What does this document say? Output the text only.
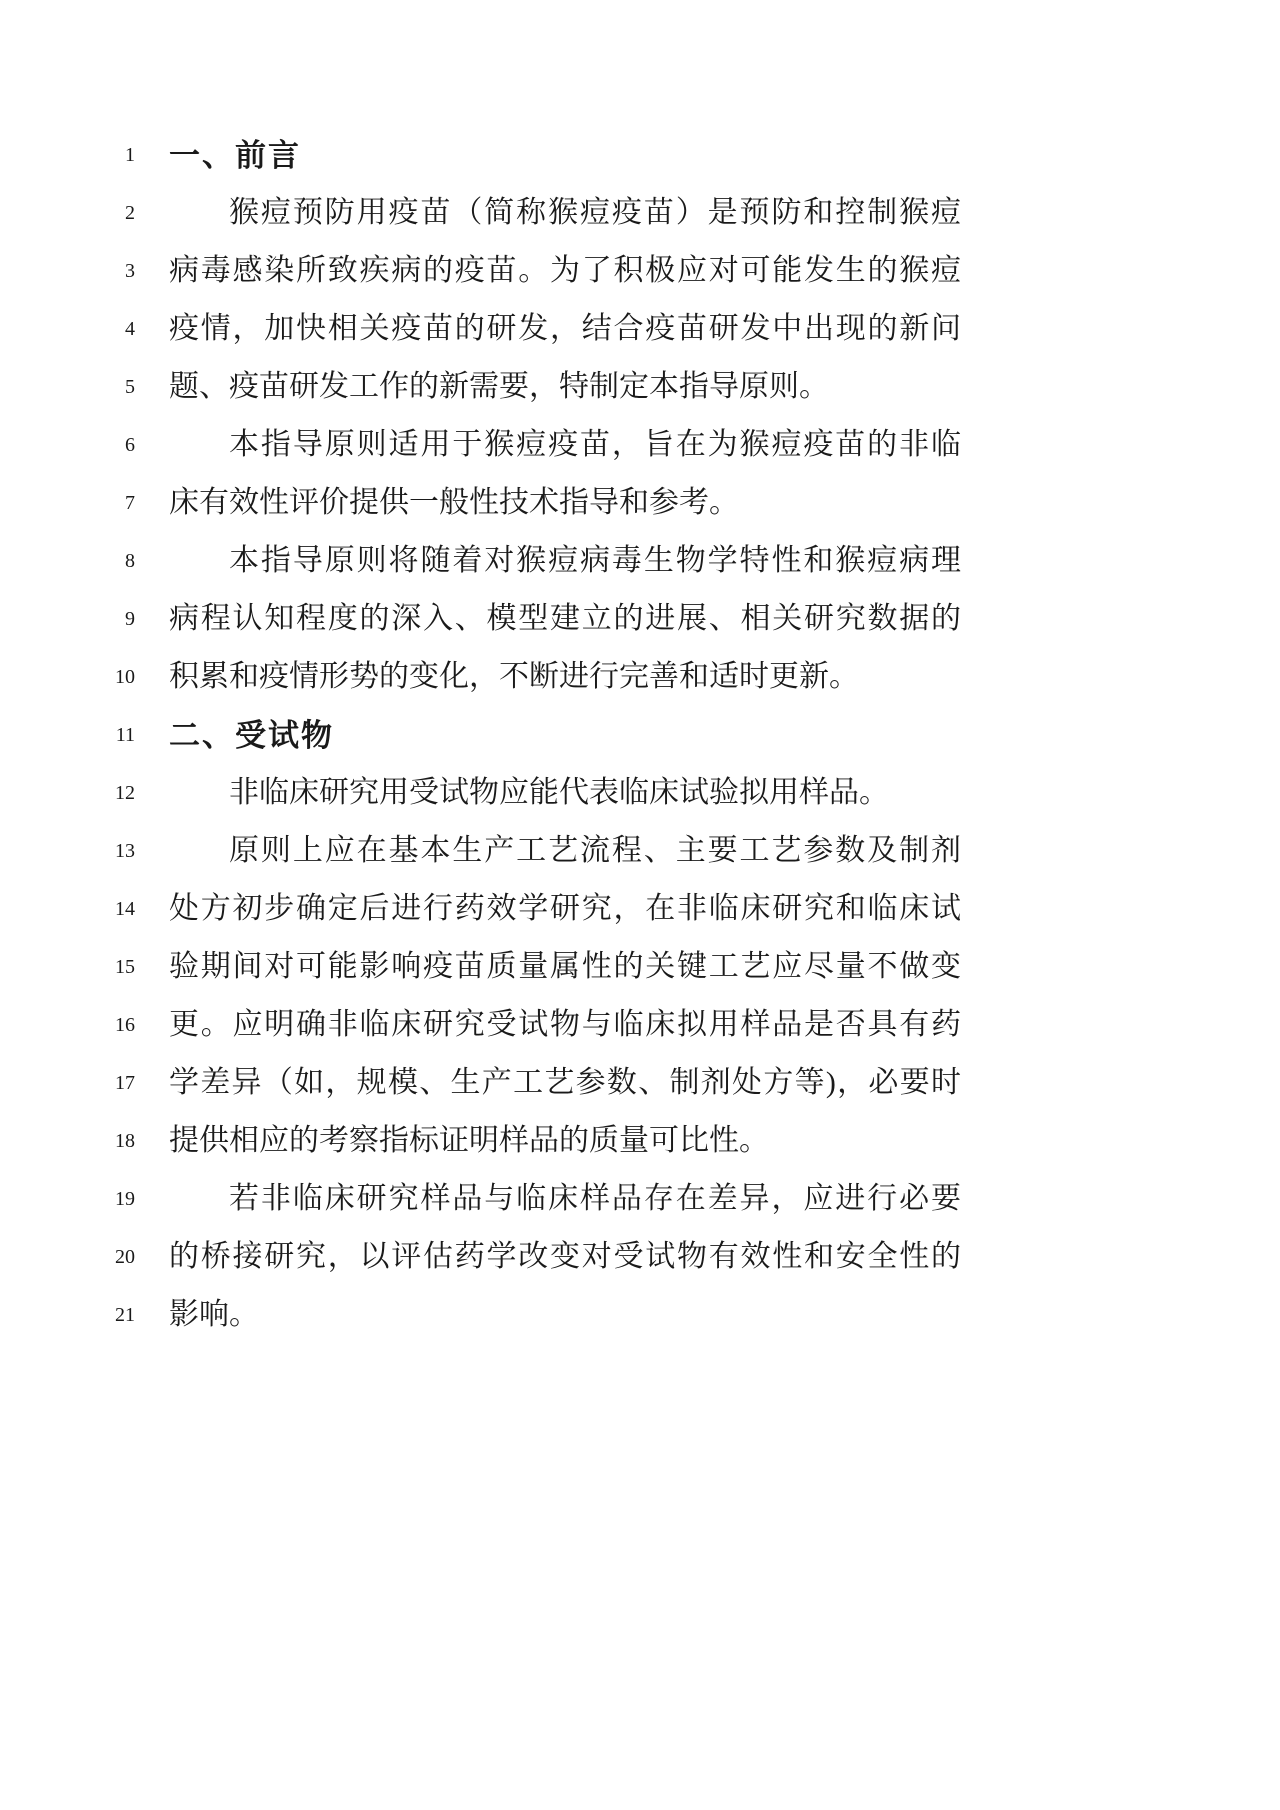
1 一、前言
2	猴痘预防用疫苗（简称猴痘疫苗）是预防和控制猴痘
3 病毒感染所致疾病的疫苗。为了积极应对可能发生的猴痘
4 疫情，加快相关疫苗的研发，结合疫苗研发中出现的新问
5 题、疫苗研发工作的新需要，特制定本指导原则。
6	本指导原则适用于猴痘疫苗，旨在为猴痘疫苗的非临
7 床有效性评价提供一般性技术指导和参考。
8	本指导原则将随着对猴痘病毒生物学特性和猴痘病理
9 病程认知程度的深入、模型建立的进展、相关研究数据的
10 积累和疫情形势的变化，不断进行完善和适时更新。
11 二、受试物
12	非临床研究用受试物应能代表临床试验拟用样品。
13	原则上应在基本生产工艺流程、主要工艺参数及制剂
14 处方初步确定后进行药效学研究，在非临床研究和临床试
15 验期间对可能影响疫苗质量属性的关键工艺应尽量不做变
16 更。应明确非临床研究受试物与临床拟用样品是否具有药
17 学差异（如，规模、生产工艺参数、制剂处方等)，必要时
18 提供相应的考察指标证明样品的质量可比性。
19	若非临床研究样品与临床样品存在差异，应进行必要
20 的桥接研究，以评估药学改变对受试物有效性和安全性的
21 影响。
